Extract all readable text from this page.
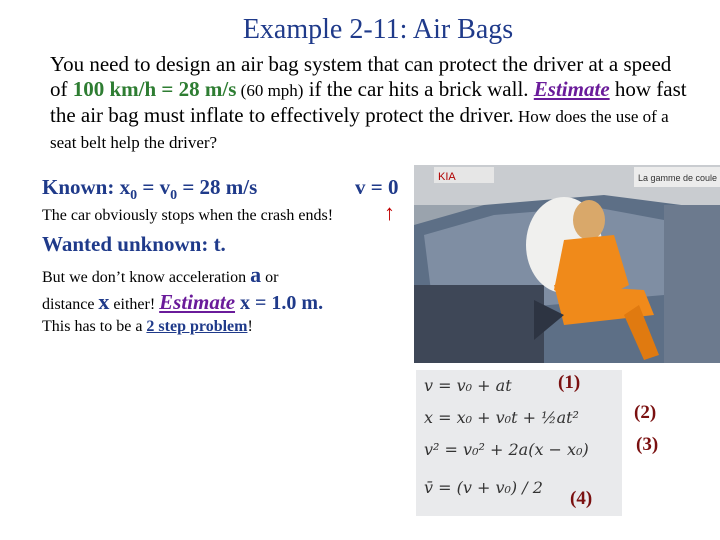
Example 2-11: Air Bags
You need to design an air bag system that can protect the driver at a speed of 100 km/h = 28 m/s (60 mph) if the car hits a brick wall. Estimate how fast the air bag must inflate to effectively protect the driver. How does the use of a seat belt help the driver?
Known: $x_0 = v_0 = 28$ m/s	v = 0
The car obviously stops when the crash ends! ↑
Wanted unknown: t.
But we don’t know acceleration a or
distance x either! Estimate x = 1.0 m.
This has to be a 2 step problem!
KIA	La gamme de coule
v = v₀ + at (1)
x = x₀ + v₀t + ½at²	(2)
v² = v₀² + 2a(x − x₀) (3)
v̄ = (v + v₀) / 2
(4)
